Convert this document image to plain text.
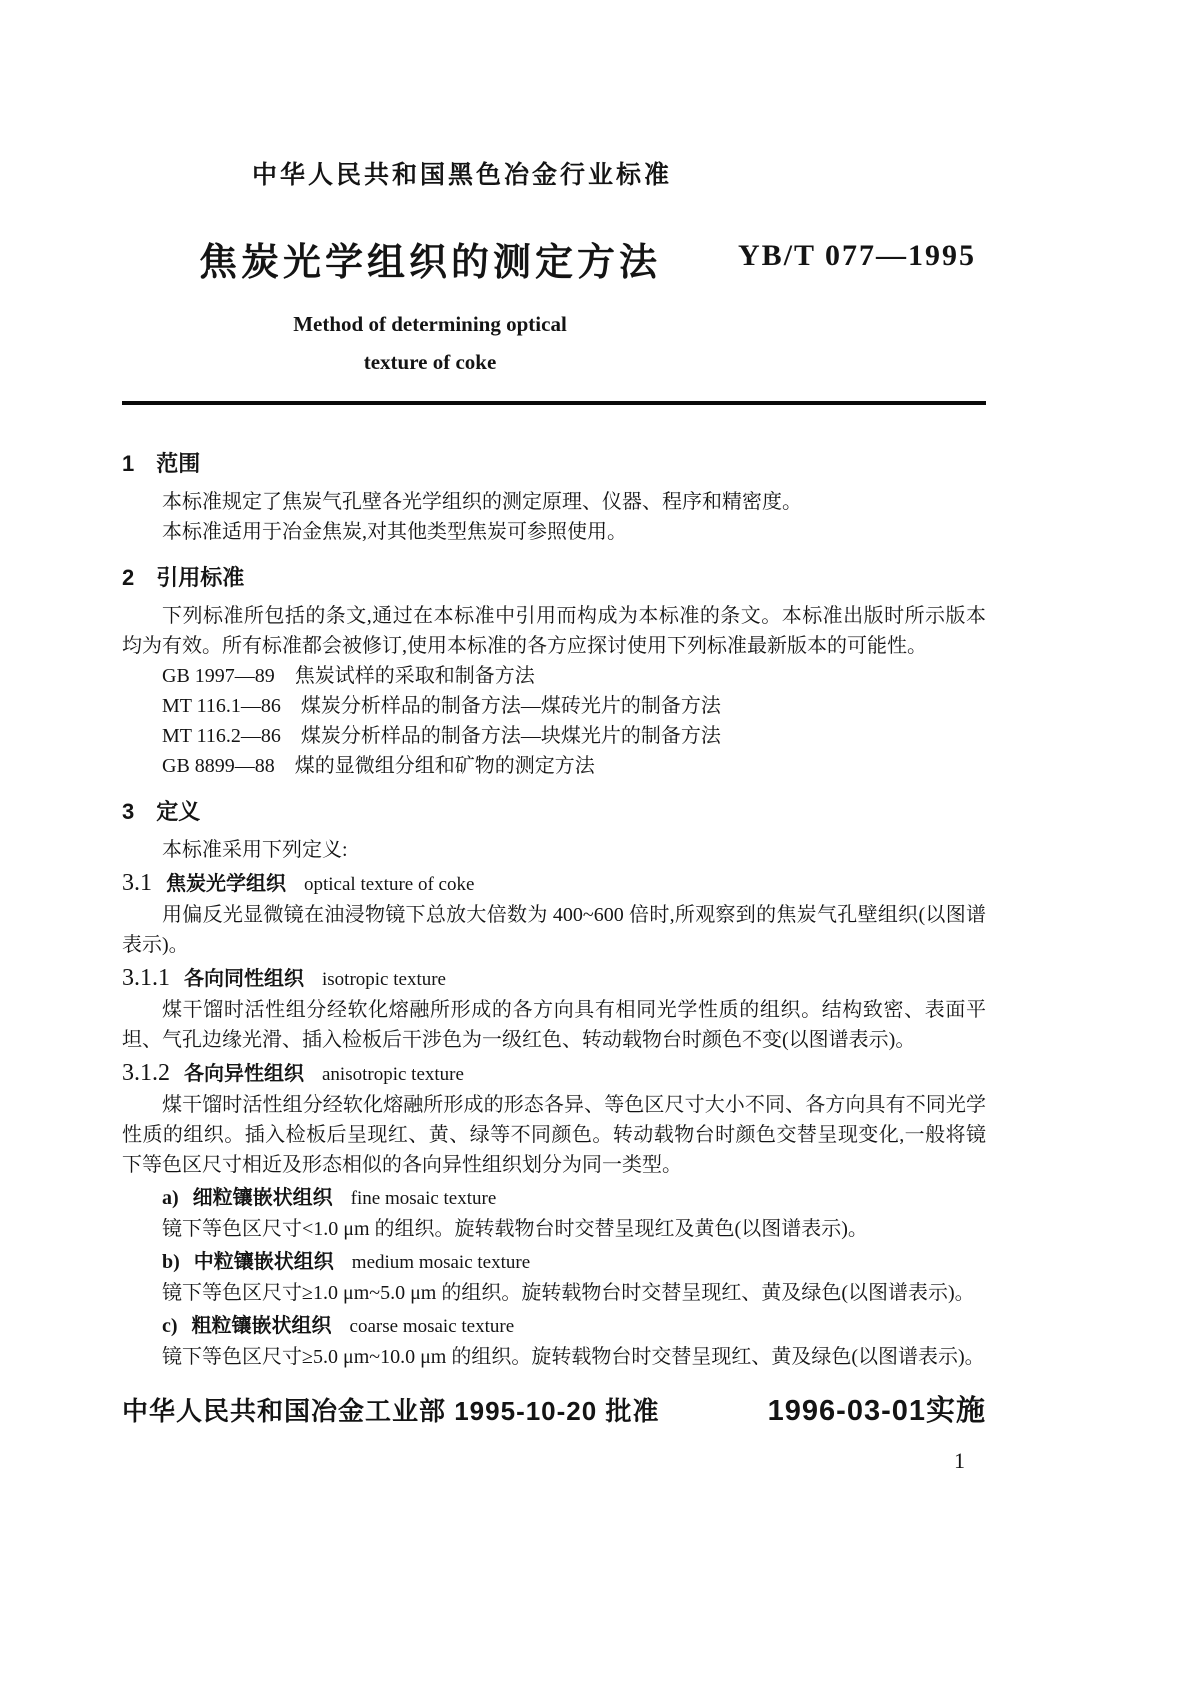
中华人民共和国黑色冶金行业标准
焦炭光学组织的测定方法
Method of determining optical
texture of coke
YB/T 077—1995
1　范围

本标准规定了焦炭气孔壁各光学组织的测定原理、仪器、程序和精密度。

本标准适用于冶金焦炭,对其他类型焦炭可参照使用。

2　引用标准

下列标准所包括的条文,通过在本标准中引用而构成为本标准的条文。本标准出版时所示版本均为有效。所有标准都会被修订,使用本标准的各方应探讨使用下列标准最新版本的可能性。

GB 1997—89　焦炭试样的采取和制备方法

MT 116.1—86　煤炭分析样品的制备方法—煤砖光片的制备方法

MT 116.2—86　煤炭分析样品的制备方法—块煤光片的制备方法

GB 8899—88　煤的显微组分组和矿物的测定方法

3　定义

本标准采用下列定义:

3.1 焦炭光学组织 optical texture of coke

用偏反光显微镜在油浸物镜下总放大倍数为 400~600 倍时,所观察到的焦炭气孔壁组织(以图谱表示)。

3.1.1 各向同性组织 isotropic texture

煤干馏时活性组分经软化熔融所形成的各方向具有相同光学性质的组织。结构致密、表面平坦、气孔边缘光滑、插入检板后干涉色为一级红色、转动载物台时颜色不变(以图谱表示)。

3.1.2 各向异性组织 anisotropic texture

煤干馏时活性组分经软化熔融所形成的形态各异、等色区尺寸大小不同、各方向具有不同光学性质的组织。插入检板后呈现红、黄、绿等不同颜色。转动载物台时颜色交替呈现变化,一般将镜下等色区尺寸相近及形态相似的各向异性组织划分为同一类型。

a) 细粒镶嵌状组织 fine mosaic texture

镜下等色区尺寸<1.0 μm 的组织。旋转载物台时交替呈现红及黄色(以图谱表示)。

b) 中粒镶嵌状组织 medium mosaic texture

镜下等色区尺寸≥1.0 μm~5.0 μm 的组织。旋转载物台时交替呈现红、黄及绿色(以图谱表示)。

c) 粗粒镶嵌状组织 coarse mosaic texture

镜下等色区尺寸≥5.0 μm~10.0 μm 的组织。旋转载物台时交替呈现红、黄及绿色(以图谱表示)。

中华人民共和国冶金工业部 1995-10-20 批准	1996-03-01实施
1
